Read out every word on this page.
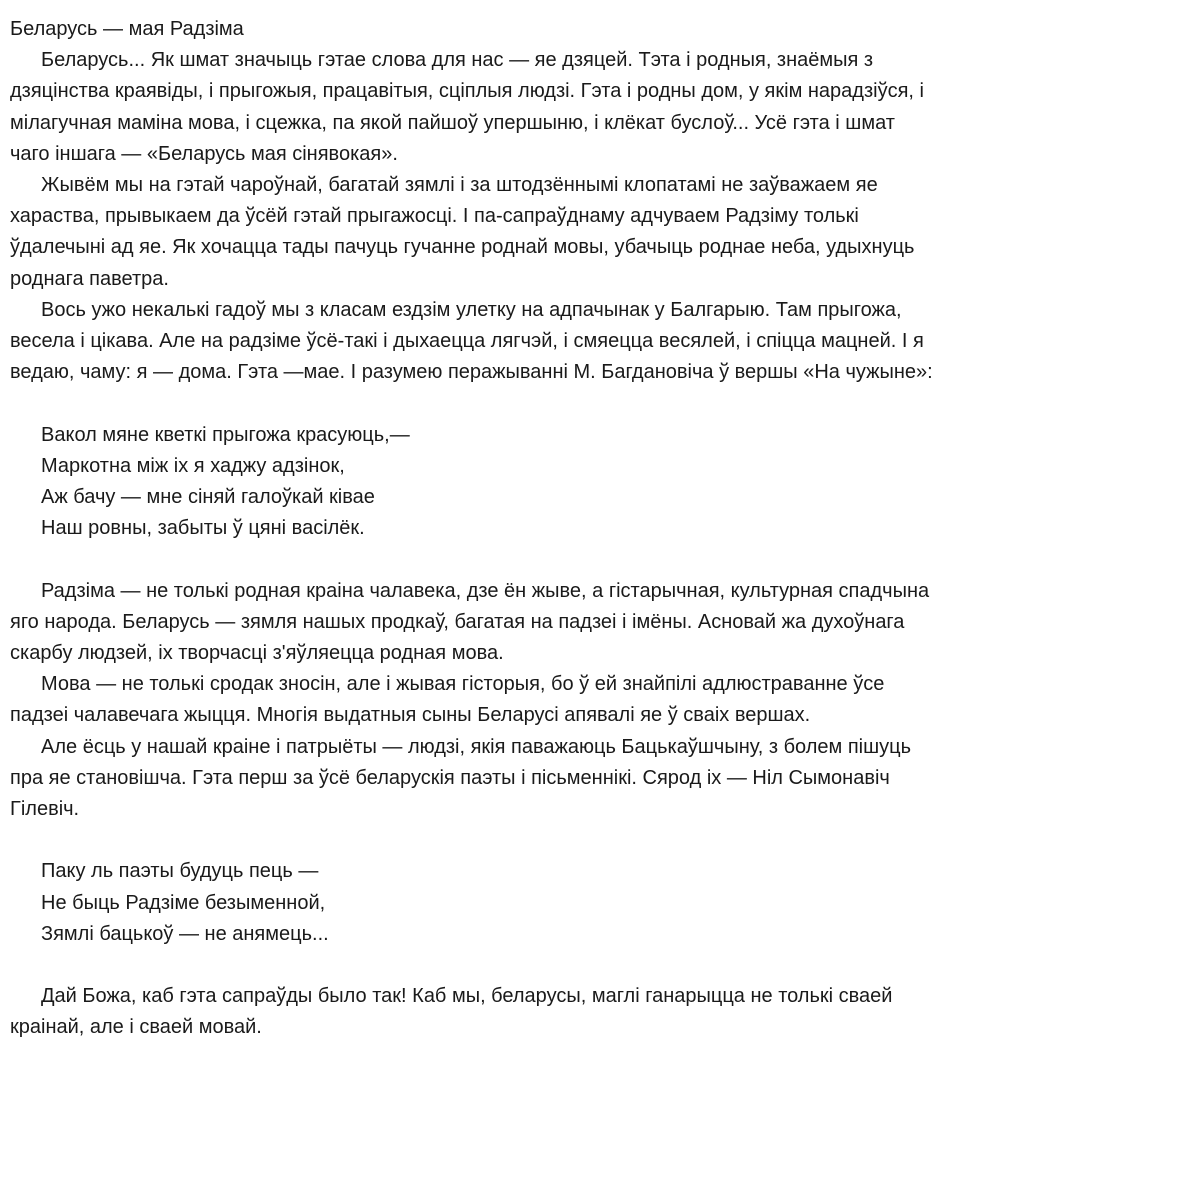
Беларусь — мая Радзіма
Беларусь... Як шмат значыць гэтае слова для нас — яе дзяцей. Тэта і родныя, знаёмыя з
дзяцінства краявіды, і прыгожыя, працавітыя, сціплыя людзі. Гэта і родны дом, у якім нарадзіўся, і
мілагучная маміна мова, і сцежка, па якой пайшоў упершыню, і клёкат буслоў... Усё гэта і шмат
чаго іншага — «Беларусь мая сінявокая».
Жывём мы на гэтай чароўнай, багатай зямлі і за штодзённымі клопатамі не заўважаем яе
хараства, прывыкаем да ўсёй гэтай прыгажосці. І па-сапраўднаму адчуваем Радзіму толькі
ўдалечыні ад яе. Як хочацца тады пачуць гучанне роднай мовы, убачыць роднае неба, удыхнуць
роднага паветра.
Вось ужо некалькі гадоў мы з класам ездзім улетку на адпачынак у Балгарыю. Там прыгожа,
весела і цікава. Але на радзіме ўсё-такі і дыхаецца лягчэй, і смяецца весялей, і спіцца мацней. І я
ведаю, чаму: я — дома. Гэта —мае. І разумею перажыванні М. Багдановіча ў вершы «На чужыне»:
Вакол мяне кветкі прыгожа красуюць,—
Маркотна між іх я хаджу адзінок,
Аж бачу — мне сіняй галоўкай ківае
Наш ровны, забыты ў цяні васілёк.
Радзіма — не толькі родная краіна чалавека, дзе ён жыве, а гістарычная, культурная спадчына
яго народа. Беларусь — зямля нашых продкаў, багатая на падзеі і імёны. Асновай жа духоўнага
скарбу людзей, іх творчасці з'яўляецца родная мова.
Мова — не толькі сродак зносін, але і жывая гісторыя, бо ў ей знайпілі адлюстраванне ўсе
падзеі чалавечага жыцця. Многія выдатныя сыны Беларусі апявалі яе ў сваіх вершах.
Але ёсць у нашай краіне і патрыёты — людзі, якія паважаюць Бацькаўшчыну, з болем пішуць
пра яе становішча. Гэта перш за ўсё беларускія паэты і пісьменнікі. Сярод іх — Ніл Сымонавіч
Гілевіч.
Паку ль паэты будуць пець —
Не быць Радзіме безыменной,
Зямлі бацькоў — не анямець...
Дай Божа, каб гэта сапраўды было так! Каб мы, беларусы, маглі ганарыцца не толькі сваей
краінай, але і сваей мовай.
